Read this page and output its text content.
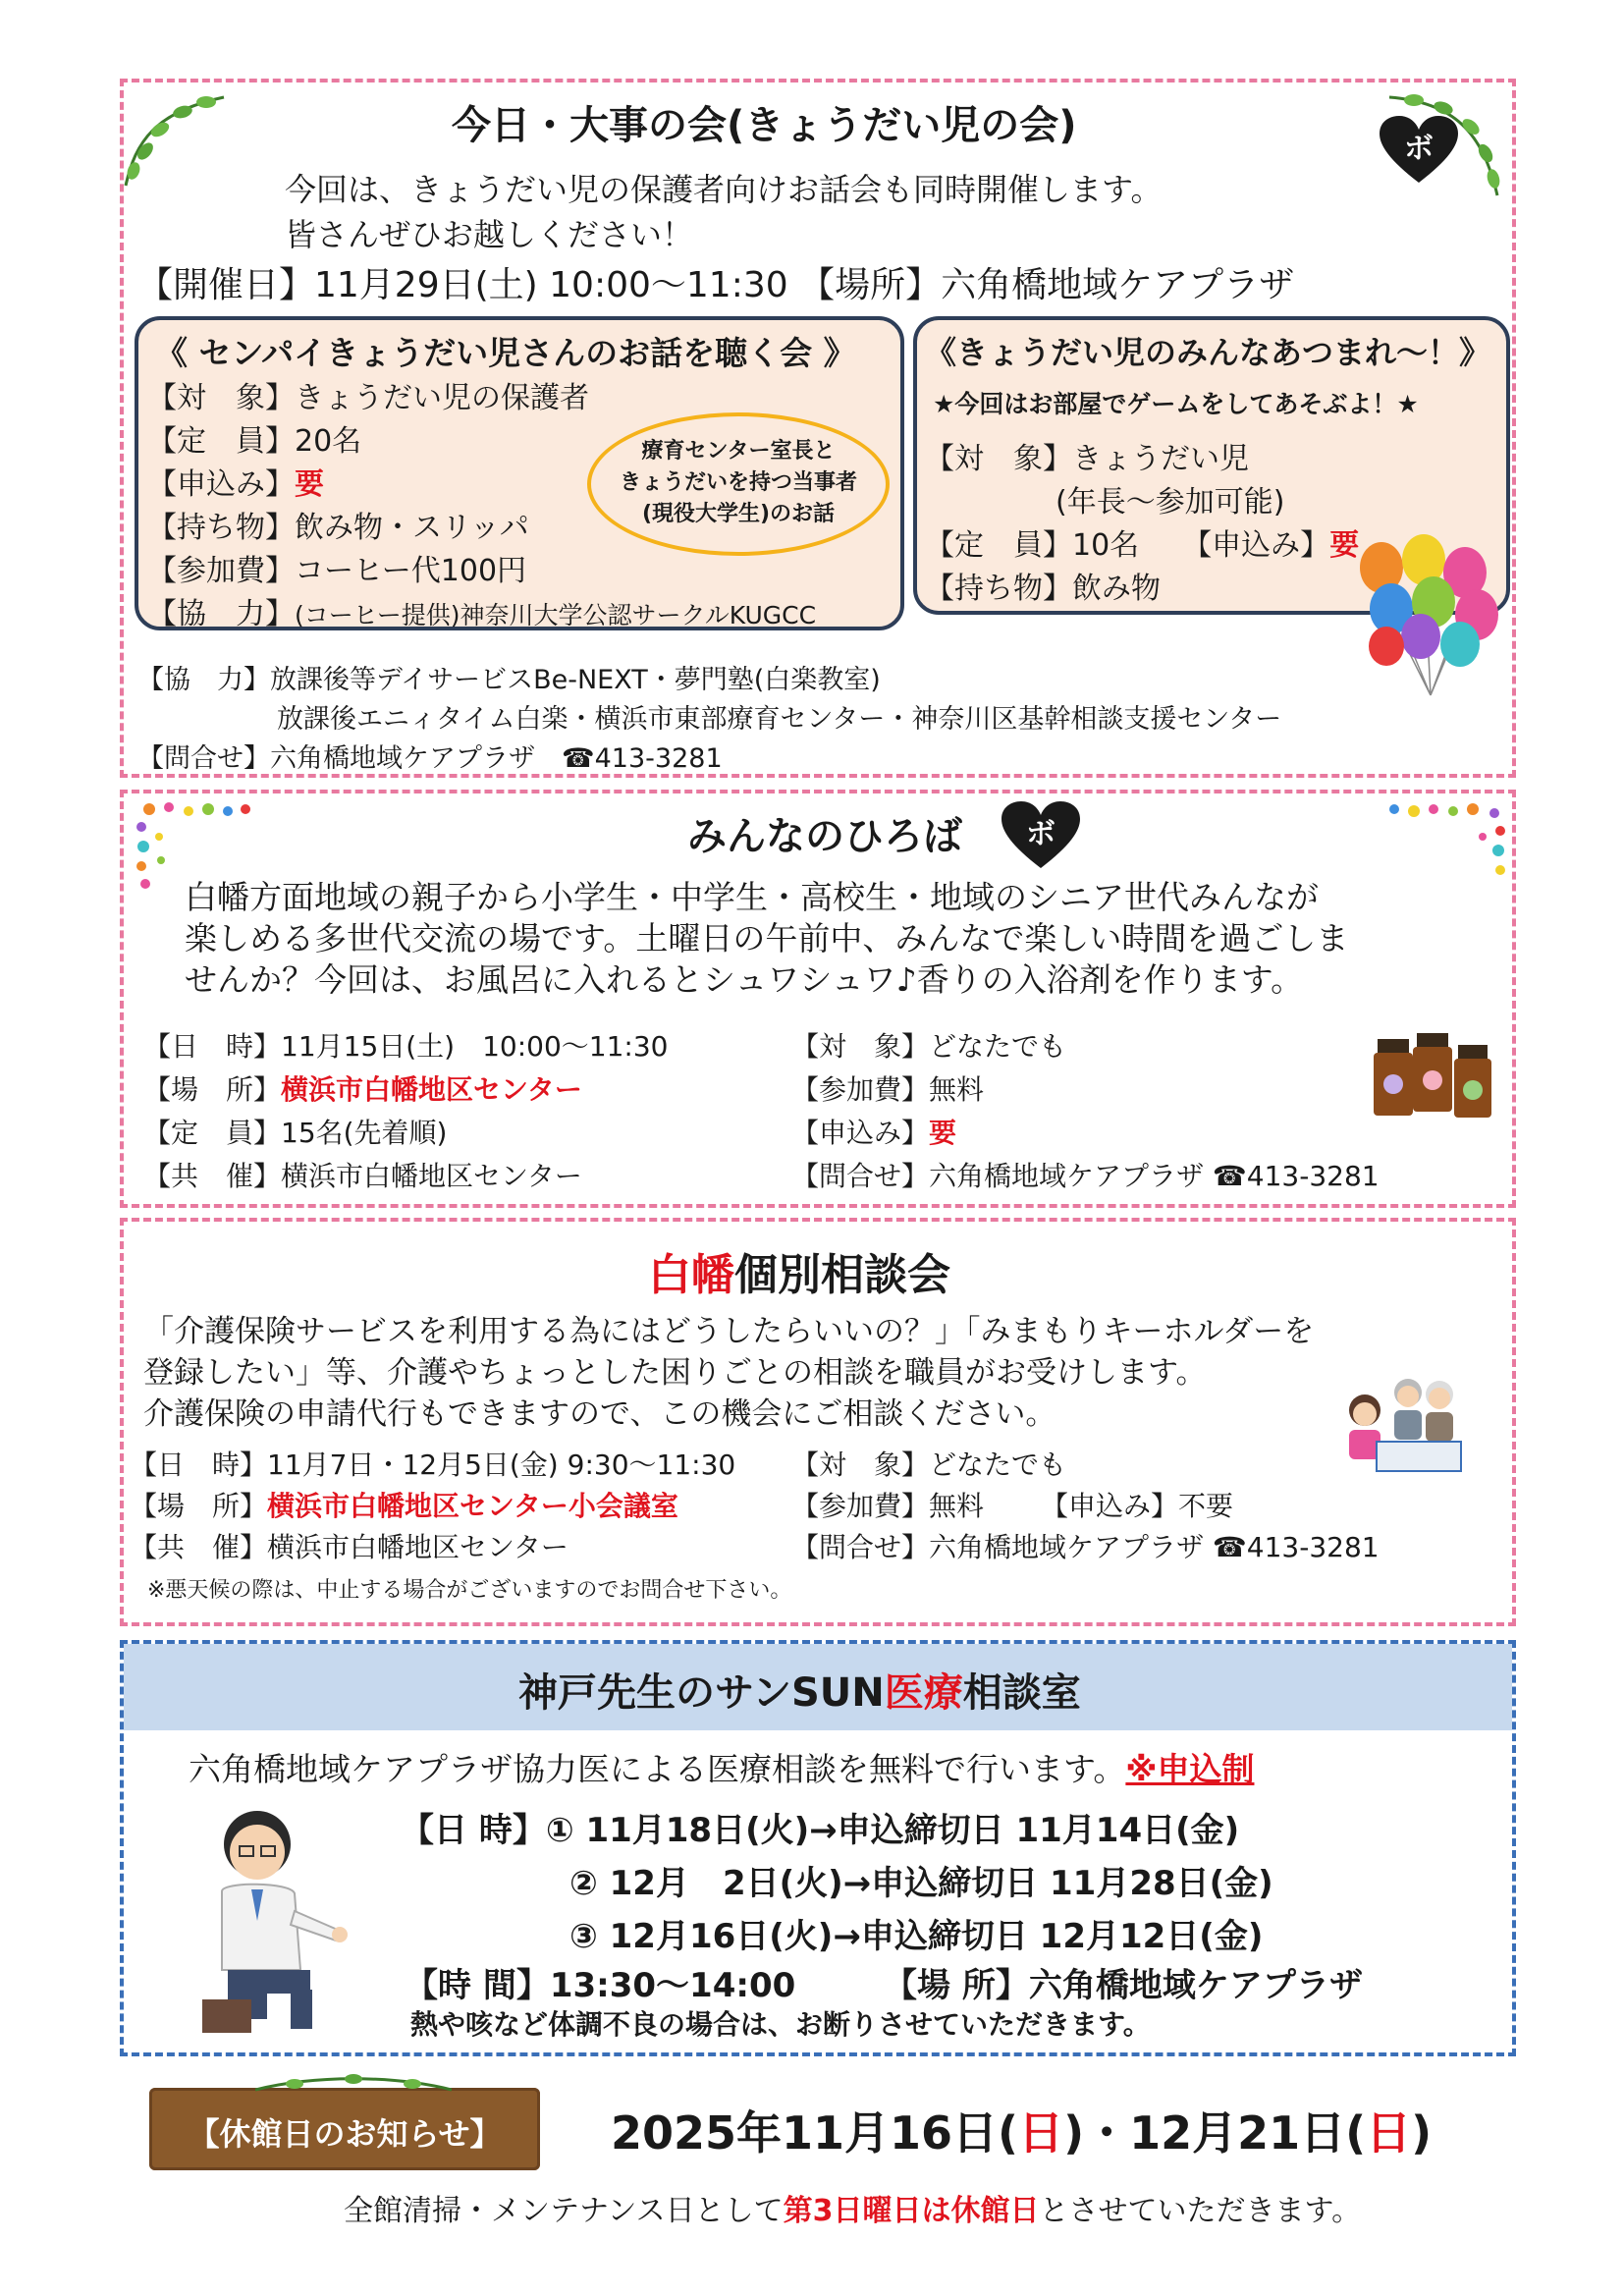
今日・大事の会(きょうだい児の会)
ボ
今回は、きょうだい児の保護者向けお話会も同時開催します。
皆さんぜひお越しください！
【開催日】11月29日(土) 10:00～11:30 【場所】六角橋地域ケアプラザ
《 センパイきょうだい児さんのお話を聴く会 》
【対　象】きょうだい児の保護者
【定　員】20名
【申込み】要
【持ち物】飲み物・スリッパ
【参加費】コーヒー代100円
【協　力】(コーヒー提供)神奈川大学公認サークルKUGCC
療育センター室長と
きょうだいを持つ当事者
(現役大学生)のお話
《きょうだい児のみんなあつまれ～！》
★今回はお部屋でゲームをしてあそぶよ！★
【対　象】きょうだい児
(年長～参加可能)
【定　員】10名 【申込み】要
【持ち物】飲み物
【協　力】放課後等デイサービスBe-NEXT・夢門塾(白楽教室)
放課後エニィタイム白楽・横浜市東部療育センター・神奈川区基幹相談支援センター
【問合せ】六角橋地域ケアプラザ　☎413-3281
みんなのひろば	ボ
白幡方面地域の親子から小学生・中学生・高校生・地域のシニア世代みんなが
楽しめる多世代交流の場です。土曜日の午前中、みんなで楽しい時間を過ごしま
せんか？今回は、お風呂に入れるとシュワシュワ♪香りの入浴剤を作ります。
【日　時】11月15日(土)　10:00～11:30
【場　所】横浜市白幡地区センター
【定　員】15名(先着順)
【共　催】横浜市白幡地区センター
【対　象】どなたでも
【参加費】無料
【申込み】要
【問合せ】六角橋地域ケアプラザ ☎413-3281
白幡個別相談会
「介護保険サービスを利用する為にはどうしたらいいの？」「みまもりキーホルダーを
登録したい」等、介護やちょっとした困りごとの相談を職員がお受けします。
介護保険の申請代行もできますので、この機会にご相談ください。
【日　時】11月7日・12月5日(金) 9:30～11:30
【場　所】横浜市白幡地区センター小会議室
【共　催】横浜市白幡地区センター
【対　象】どなたでも
【参加費】無料 【申込み】不要
【問合せ】六角橋地域ケアプラザ ☎413-3281
※悪天候の際は、中止する場合がございますのでお問合せ下さい。
神戸先生のサンSUN医療相談室
六角橋地域ケアプラザ協力医による医療相談を無料で行います。※申込制
【日 時】① 11月18日(火)→申込締切日 11月14日(金)
② 12月　2日(火)→申込締切日 11月28日(金)
③ 12月16日(火)→申込締切日 12月12日(金)
【時 間】13:30～14:00	【場 所】六角橋地域ケアプラザ
熱や咳など体調不良の場合は、お断りさせていただきます。
【休館日のお知らせ】	2025年11月16日(日)・12月21日(日)
全館清掃・メンテナンス日として第3日曜日は休館日とさせていただきます。
